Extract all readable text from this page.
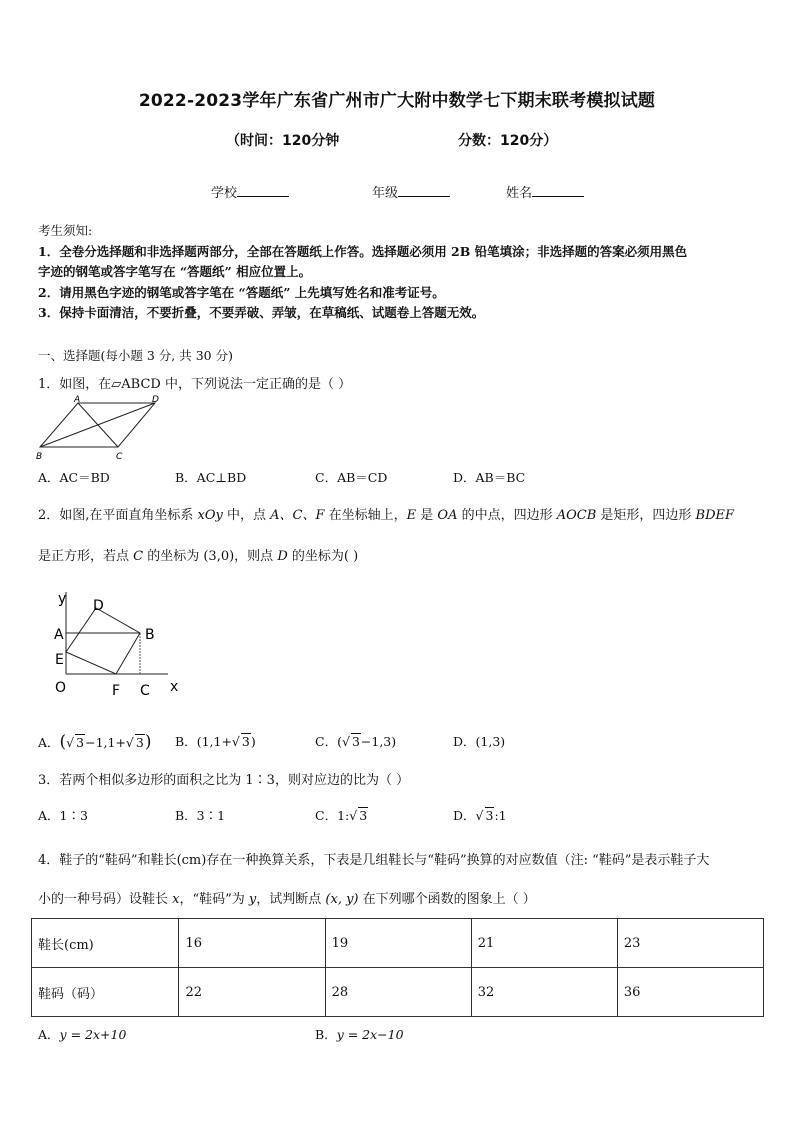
2022-2023学年广东省广州市广大附中数学七下期末联考模拟试题
（时间：120分钟	分数：120分）
学校	年级	姓名
考生须知:
1．全卷分选择题和非选择题两部分，全部在答题纸上作答。选择题必须用 2B 铅笔填涂；非选择题的答案必须用黑色
字迹的钢笔或答字笔写在 “答题纸” 相应位置上。
2．请用黑色字迹的钢笔或答字笔在 “答题纸” 上先填写姓名和准考证号。
3．保持卡面清洁，不要折叠，不要弄破、弄皱，在草稿纸、试题卷上答题无效。
一、选择题(每小题 3 分, 共 30 分)
1．如图，在▱ABCD 中，下列说法一定正确的是（ ）
A	D
B	C
A．AC＝BD	B．AC⊥BD	C．AB＝CD	D．AB＝BC
2．如图,在平面直角坐标系 xOy 中，点 A、C、F 在坐标轴上，E 是 OA 的中点，四边形 AOCB 是矩形，四边形 BDEF
是正方形，若点 C 的坐标为 (3,0)，则点 D 的坐标为( )
y D
A	B
E
O	F C x
A．(√ 3−1,1+√ 3) B．(1,1+√ 3)	C．(√ 3−1,3)	D．(1,3)
3．若两个相似多边形的面积之比为 1∶3，则对应边的比为（ ）
A．1∶3	B．3∶1	C．1:√ 3	D．√ 3:1
4．鞋子的“鞋码”和鞋长(cm)存在一种换算关系，下表是几组鞋长与“鞋码”换算的对应数值（注: “鞋码”是表示鞋子大
小的一种号码）设鞋长 x，“鞋码”为 y，试判断点 (x, y) 在下列哪个函数的图象上（ ）
鞋长(cm)	16	19	21	23
鞋码（码）	22	28	32	36
A．y = 2x+10	B．y = 2x−10
